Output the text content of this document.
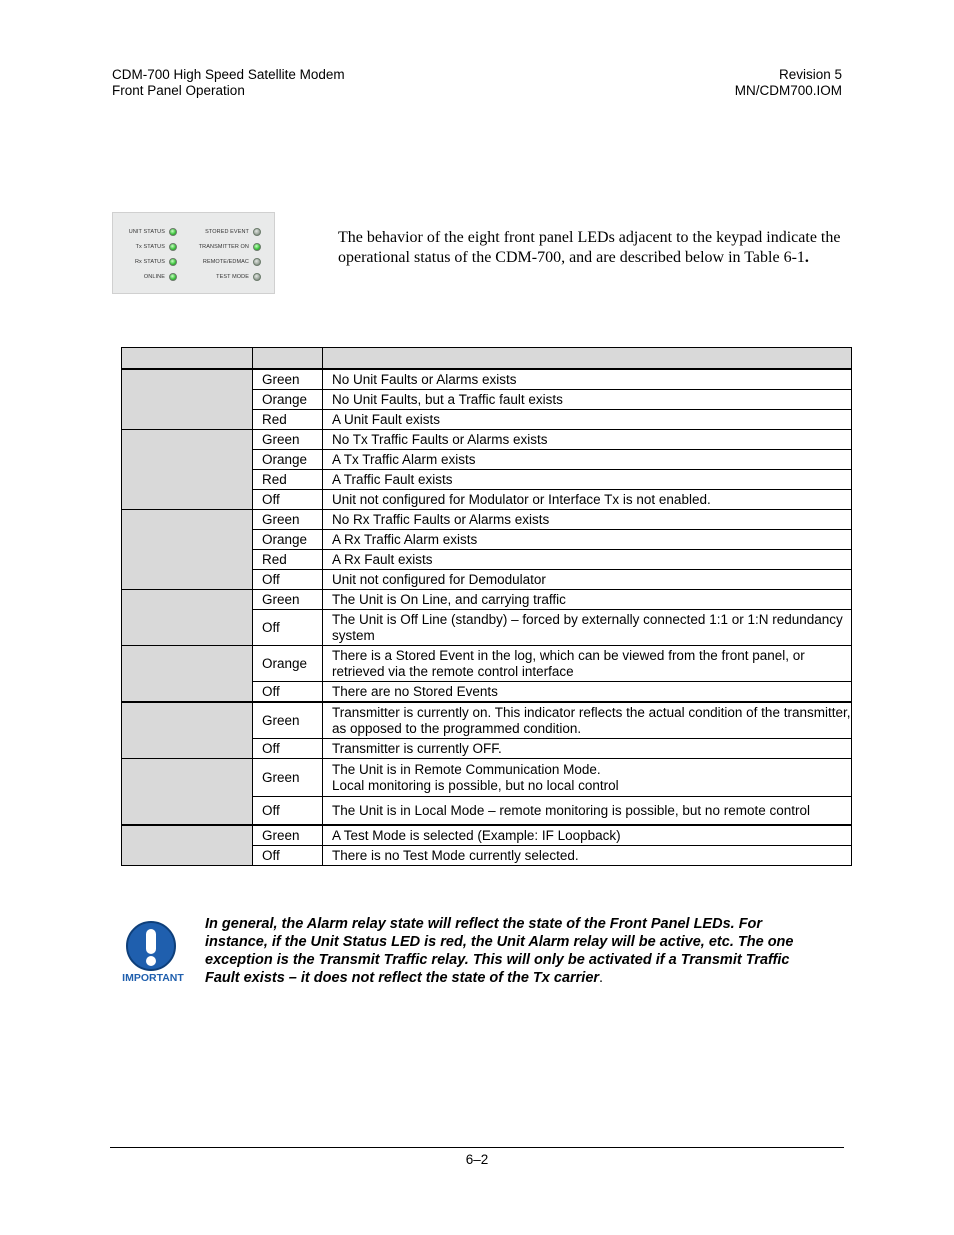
CDM-700 High Speed Satellite Modem
Front Panel Operation
Revision 5
MN/CDM700.IOM
UNIT STATUS
Tx STATUS
Rx STATUS
ONLINE
STORED EVENT
TRANSMITTER ON
REMOTE/EDMAC
TEST MODE
The behavior of the eight front panel LEDs adjacent to the keypad indicate the operational status of the CDM-700, and are described below in Table 6-1.

	Green	No Unit Faults or Alarms exists
	Orange	No Unit Faults, but a Traffic fault exists
	Red	A Unit Fault exists
	Green	No Tx Traffic Faults or Alarms exists
	Orange	A Tx Traffic Alarm exists
	Red	A Traffic Fault exists
	Off	Unit not configured for Modulator or Interface Tx is not enabled.
	Green	No Rx Traffic Faults or Alarms exists
	Orange	A Rx Traffic Alarm exists
	Red	A Rx Fault exists
	Off	Unit not configured for Demodulator
	Green	The Unit is On Line, and carrying traffic
	Off	The Unit is Off Line (standby) – forced by externally connected 1:1 or 1:N redundancy system
	Orange	There is a Stored Event in the log, which can be viewed from the front panel, or retrieved via the remote control interface
	Off	There are no Stored Events
	Green	Transmitter is currently on. This indicator reflects the actual condition of the transmitter, as opposed to the programmed condition.
	Off	Transmitter is currently OFF.
	Green	The Unit is in Remote Communication Mode.
Local monitoring is possible, but no local control

	Off	The Unit is in Local Mode – remote monitoring is possible, but no remote control
	Green	A Test Mode is selected (Example: IF Loopback)
	Off	There is no Test Mode currently selected.
IMPORTANT
In general, the Alarm relay state will reflect the state of the Front Panel LEDs. For instance, if the Unit Status LED is red, the Unit Alarm relay will be active, etc. The one exception is the Transmit Traffic relay. This will only be activated if a Transmit Traffic Fault exists – it does not reflect the state of the Tx carrier.
6–2
